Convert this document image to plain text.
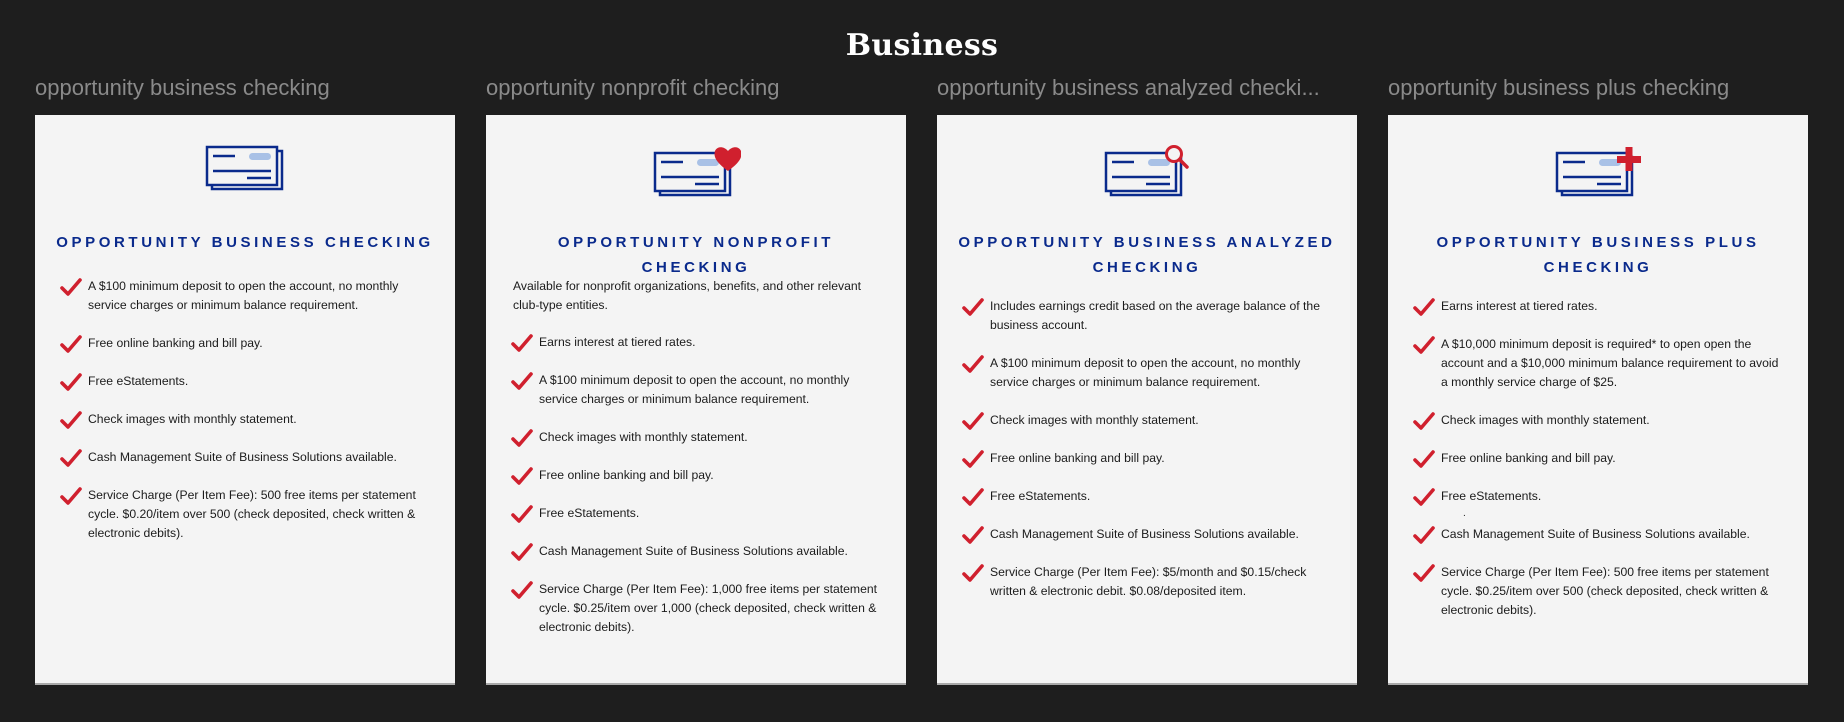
Business
opportunity business checking
OPPORTUNITY BUSINESS CHECKING
A $100 minimum deposit to open the account, no monthly service charges or minimum balance requirement.
Free online banking and bill pay.
Free eStatements.
Check images with monthly statement.
Cash Management Suite of Business Solutions available.
Service Charge (Per Item Fee): 500 free items per statement cycle. $0.20/item over 500 (check deposited, check written & electronic debits).
opportunity nonprofit checking
OPPORTUNITY NONPROFIT CHECKING
Available for nonprofit organizations, benefits, and other relevant club-type entities.
Earns interest at tiered rates.
A $100 minimum deposit to open the account, no monthly service charges or minimum balance requirement.
Check images with monthly statement.
Free online banking and bill pay.
Free eStatements.
Cash Management Suite of Business Solutions available.
Service Charge (Per Item Fee): 1,000 free items per statement cycle. $0.25/item over 1,000 (check deposited, check written & electronic debits).
opportunity business analyzed checki...
OPPORTUNITY BUSINESS ANALYZED CHECKING
Includes earnings credit based on the average balance of the business account.
A $100 minimum deposit to open the account, no monthly service charges or minimum balance requirement.
Check images with monthly statement.
Free online banking and bill pay.
Free eStatements.
Cash Management Suite of Business Solutions available.
Service Charge (Per Item Fee): $5/month and $0.15/check written & electronic debit. $0.08/deposited item.
opportunity business plus checking
OPPORTUNITY BUSINESS PLUS CHECKING
Earns interest at tiered rates.
A $10,000 minimum deposit is required* to open open the account and a $10,000 minimum balance requirement to avoid a monthly service charge of $25.
Check images with monthly statement.
Free online banking and bill pay.
Free eStatements.
.
Cash Management Suite of Business Solutions available.
Service Charge (Per Item Fee): 500 free items per statement cycle. $0.25/item over 500 (check deposited, check written & electronic debits).
